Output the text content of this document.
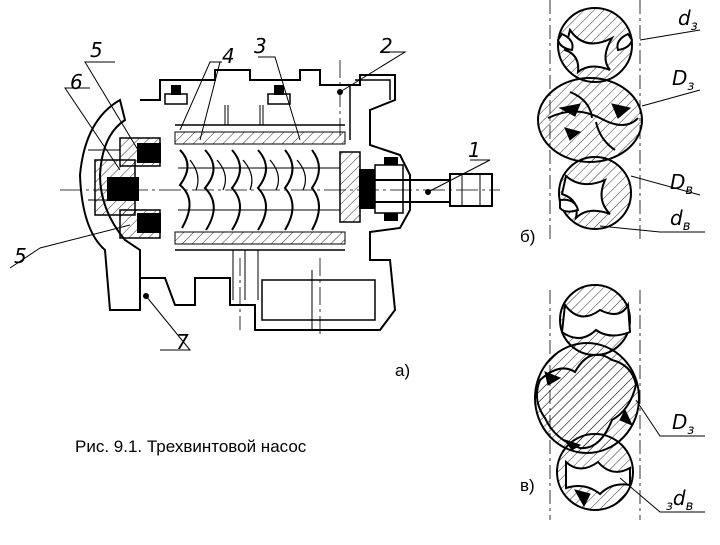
5
6
4 3	2
1
5
7
а)
б)
в)
Рис. 9.1. Трехвинтовой насос
$d_з$
$D_з$
$D_в$
$d_в$
$D_з$
$_зd_в$
